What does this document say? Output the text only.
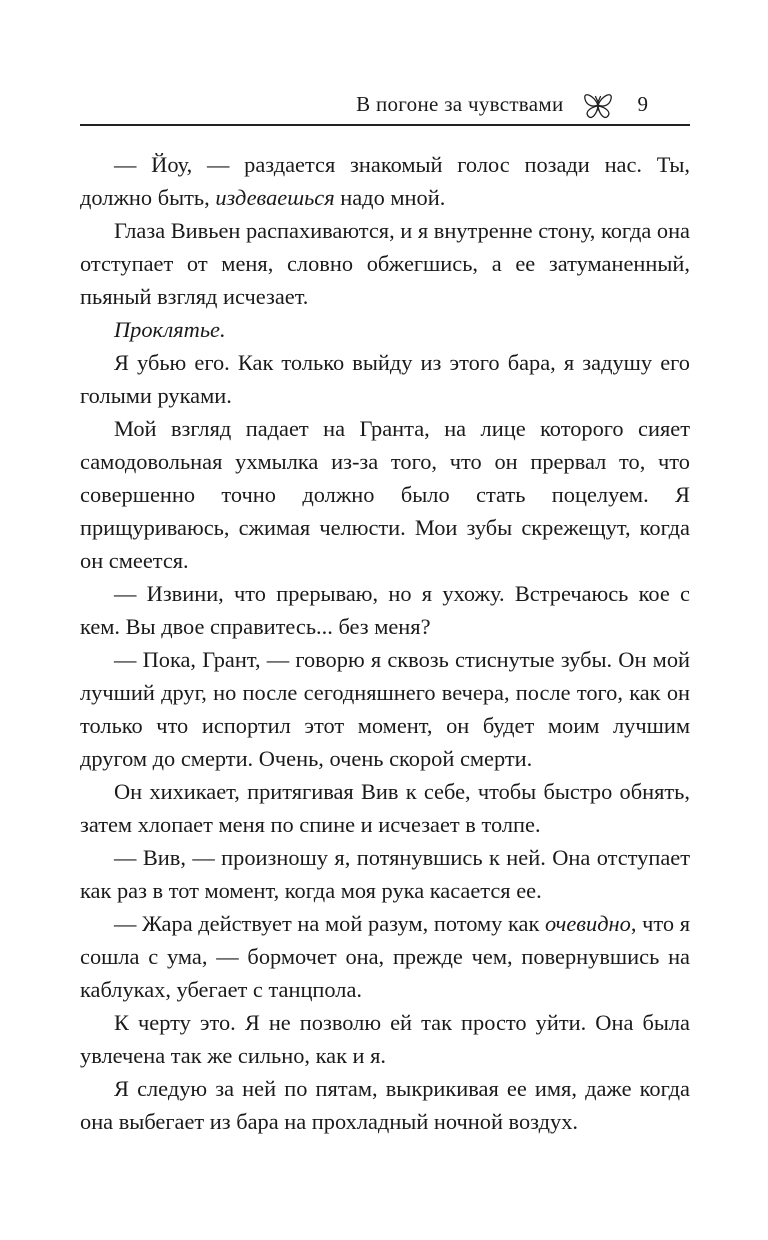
В погоне за чувствами	9

— Йоу, — раздается знакомый голос позади нас. Ты, должно быть, издеваешься надо мной.

Глаза Вивьен распахиваются, и я внутренне стону, когда она отступает от меня, словно обжегшись, а ее затуманенный, пьяный взгляд исчезает.

Проклятье.

Я убью его. Как только выйду из этого бара, я задушу его голыми руками.

Мой взгляд падает на Гранта, на лице которого сияет самодовольная ухмылка из-за того, что он прервал то, что совершенно точно должно было стать поцелуем. Я прищуриваюсь, сжимая челюсти. Мои зубы скрежещут, когда он смеется.

— Извини, что прерываю, но я ухожу. Встречаюсь кое с кем. Вы двое справитесь... без меня?

— Пока, Грант, — говорю я сквозь стиснутые зубы. Он мой лучший друг, но после сегодняшнего вечера, после того, как он только что испортил этот момент, он будет моим лучшим другом до смерти. Очень, очень скорой смерти.

Он хихикает, притягивая Вив к себе, чтобы быстро обнять, затем хлопает меня по спине и исчезает в толпе.

— Вив, — произношу я, потянувшись к ней. Она отступает как раз в тот момент, когда моя рука касается ее.

— Жара действует на мой разум, потому как очевидно, что я сошла с ума, — бормочет она, прежде чем, повернувшись на каблуках, убегает с танцпола.

К черту это. Я не позволю ей так просто уйти. Она была увлечена так же сильно, как и я.

Я следую за ней по пятам, выкрикивая ее имя, даже когда она выбегает из бара на прохладный ночной воздух.
